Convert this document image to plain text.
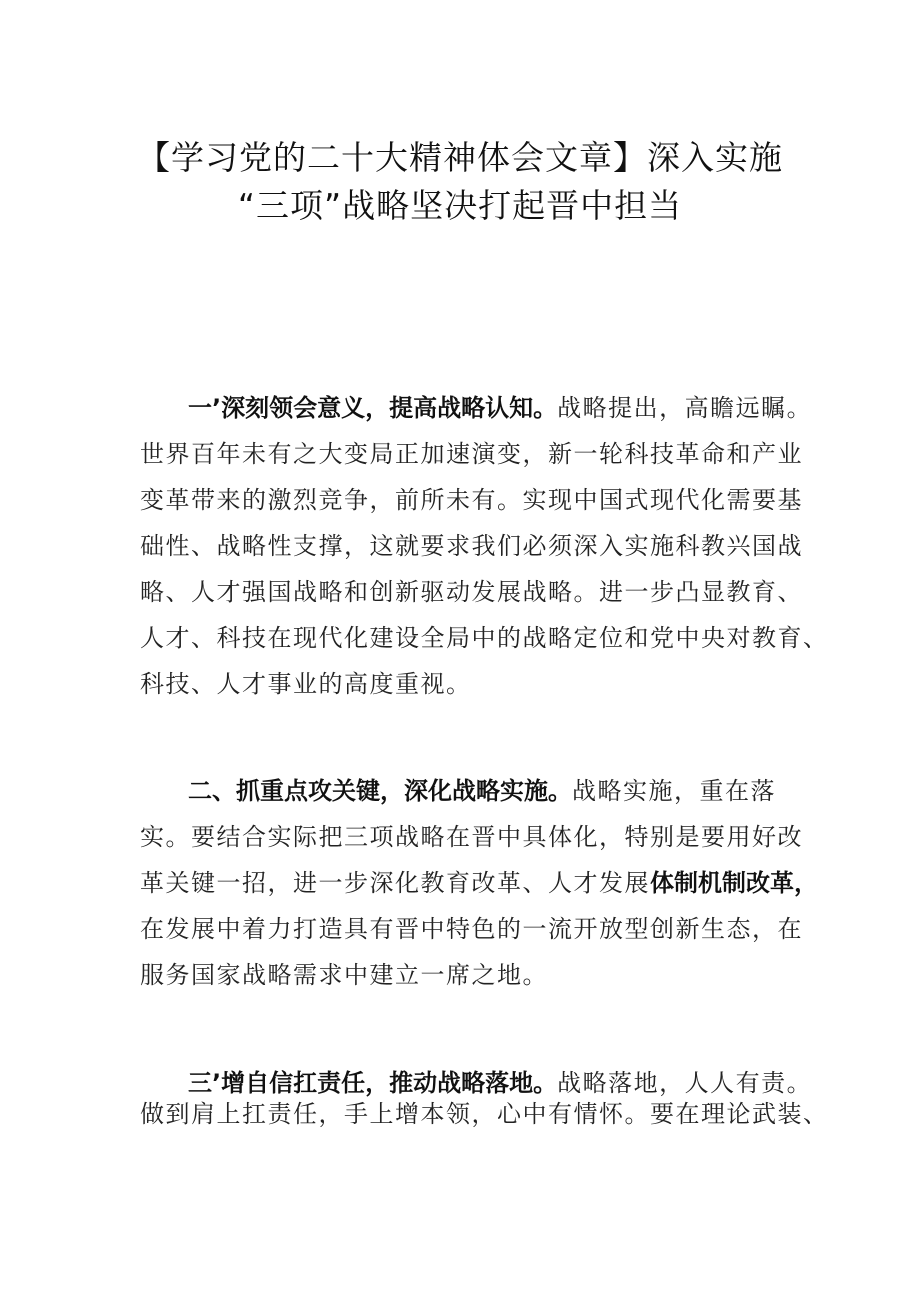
【学习党的二十大精神体会文章】深入实施
“三项”战略坚决打起晋中担当
一’深刻领会意义，提高战略认知。战略提出，高瞻远瞩。
世界百年未有之大变局正加速演变，新一轮科技革命和产业
变革带来的激烈竞争，前所未有。实现中国式现代化需要基
础性、战略性支撑，这就要求我们必须深入实施科教兴国战
略、人才强国战略和创新驱动发展战略。进一步凸显教育、
人才、科技在现代化建设全局中的战略定位和党中央对教育、
科技、人才事业的高度重视。
二、抓重点攻关键，深化战略实施。战略实施，重在落
实。要结合实际把三项战略在晋中具体化，特别是要用好改
革关键一招，进一步深化教育改革、人才发展体制机制改革，
在发展中着力打造具有晋中特色的一流开放型创新生态，在
服务国家战略需求中建立一席之地。
三’增自信扛责任，推动战略落地。战略落地，人人有责。
做到肩上扛责任，手上增本领，心中有情怀。要在理论武装、
